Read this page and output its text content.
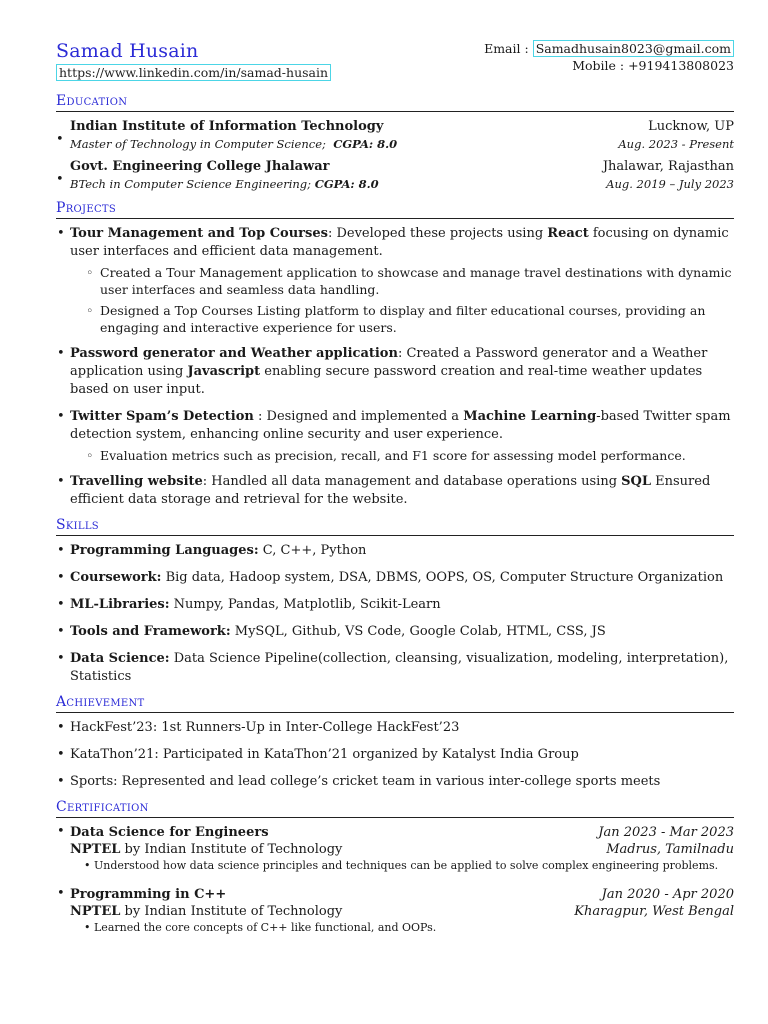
Samad Husain
https://www.linkedin.com/in/samad-husain
Email : Samadhusain8023@gmail.com
Mobile : +919413808023
Education
•
Indian Institute of Information Technology	Lucknow, UP
Master of Technology in Computer Science; CGPA: 8.0	Aug. 2023 - Present
•
Govt. Engineering College Jhalawar	Jhalawar, Rajasthan
BTech in Computer Science Engineering; CGPA: 8.0	Aug. 2019 – July 2023
Projects
• Tour Management and Top Courses: Developed these projects using React focusing on dynamic user interfaces and efficient data management.
◦ Created a Tour Management application to showcase and manage travel destinations with dynamic user interfaces and seamless data handling.
◦ Designed a Top Courses Listing platform to display and filter educational courses, providing an engaging and interactive experience for users.
• Password generator and Weather application: Created a Password generator and a Weather application using Javascript enabling secure password creation and real-time weather updates based on user input.
• Twitter Spam’s Detection : Designed and implemented a Machine Learning-based Twitter spam detection system, enhancing online security and user experience.
◦ Evaluation metrics such as precision, recall, and F1 score for assessing model performance.
• Travelling website: Handled all data management and database operations using SQL Ensured efficient data storage and retrieval for the website.
Skills
• Programming Languages: C, C++, Python
• Coursework: Big data, Hadoop system, DSA, DBMS, OOPS, OS, Computer Structure Organization
• ML-Libraries: Numpy, Pandas, Matplotlib, Scikit-Learn
• Tools and Framework: MySQL, Github, VS Code, Google Colab, HTML, CSS, JS
• Data Science: Data Science Pipeline(collection, cleansing, visualization, modeling, interpretation), Statistics
Achievement
• HackFest’23: 1st Runners-Up in Inter-College HackFest’23
• KataThon’21: Participated in KataThon’21 organized by Katalyst India Group
• Sports: Represented and lead college’s cricket team in various inter-college sports meets
Certification
• Data Science for Engineers	Jan 2023 - Mar 2023
NPTEL by Indian Institute of Technology	Madrus, Tamilnadu
• Understood how data science principles and techniques can be applied to solve complex engineering problems.
• Programming in C++	Jan 2020 - Apr 2020
NPTEL by Indian Institute of Technology	Kharagpur, West Bengal
• Learned the core concepts of C++ like functional, and OOPs.
